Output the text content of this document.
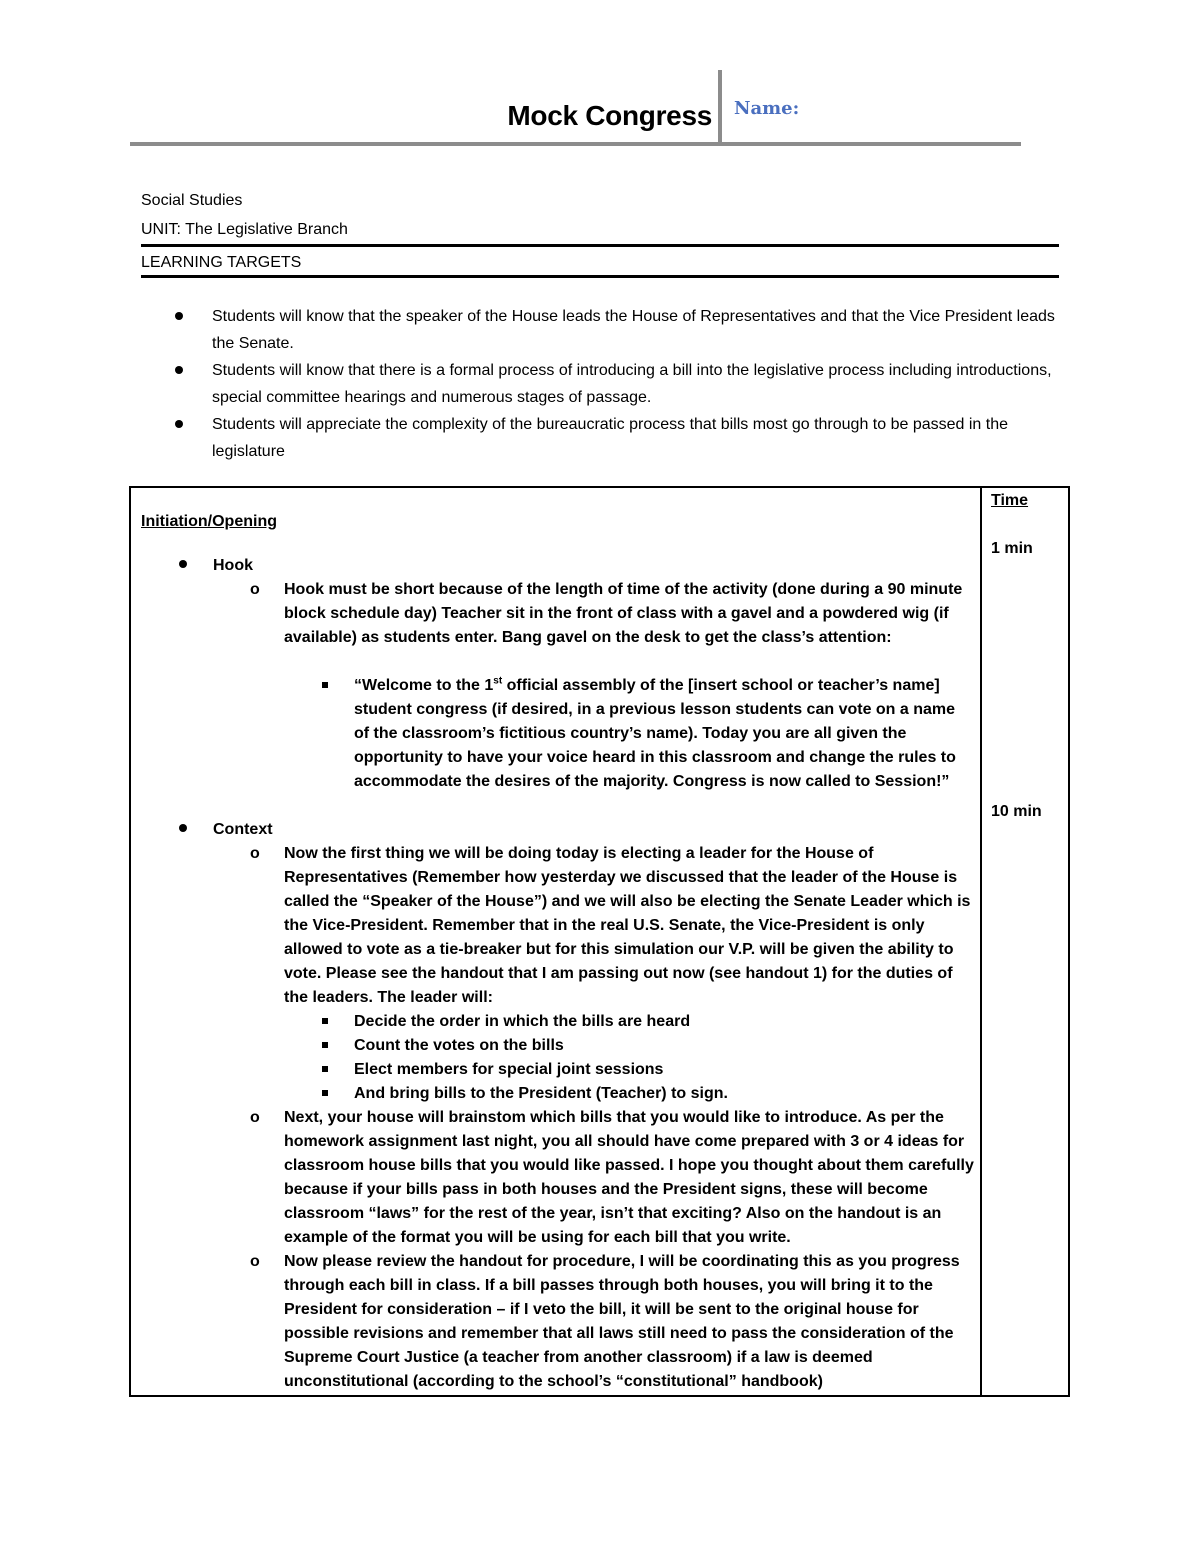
Mock Congress Name:
Social Studies
UNIT: The Legislative Branch
LEARNING TARGETS
Students will know that the speaker of the House leads the House of Representatives and that the Vice President leads the Senate.
Students will know that there is a formal process of introducing a bill into the legislative process including introductions, special committee hearings and numerous stages of passage.
Students will appreciate the complexity of the bureaucratic process that bills most go through to be passed in the legislature
Time
1 min
10 min
Initiation/Opening
Hook
o Hook must be short because of the length of time of the activity (done during a 90 minute block schedule day) Teacher sit in the front of class with a gavel and a powdered wig (if available) as students enter. Bang gavel on the desk to get the class’s attention:
“Welcome to the 1st official assembly of the [insert school or teacher’s name] student congress (if desired, in a previous lesson students can vote on a name of the classroom’s fictitious country’s name). Today you are all given the opportunity to have your voice heard in this classroom and change the rules to accommodate the desires of the majority. Congress is now called to Session!”
Context
o Now the first thing we will be doing today is electing a leader for the House of Representatives (Remember how yesterday we discussed that the leader of the House is called the “Speaker of the House”) and we will also be electing the Senate Leader which is the Vice-President. Remember that in the real U.S. Senate, the Vice-President is only allowed to vote as a tie-breaker but for this simulation our V.P. will be given the ability to vote. Please see the handout that I am passing out now (see handout 1) for the duties of the leaders. The leader will:
Decide the order in which the bills are heard
Count the votes on the bills
Elect members for special joint sessions
And bring bills to the President (Teacher) to sign.
o Next, your house will brainstom which bills that you would like to introduce. As per the homework assignment last night, you all should have come prepared with 3 or 4 ideas for classroom house bills that you would like passed. I hope you thought about them carefully because if your bills pass in both houses and the President signs, these will become classroom “laws” for the rest of the year, isn’t that exciting? Also on the handout is an example of the format you will be using for each bill that you write.
o Now please review the handout for procedure, I will be coordinating this as you progress through each bill in class. If a bill passes through both houses, you will bring it to the President for consideration – if I veto the bill, it will be sent to the original house for possible revisions and remember that all laws still need to pass the consideration of the Supreme Court Justice (a teacher from another classroom) if a law is deemed unconstitutional (according to the school’s “constitutional” handbook)
